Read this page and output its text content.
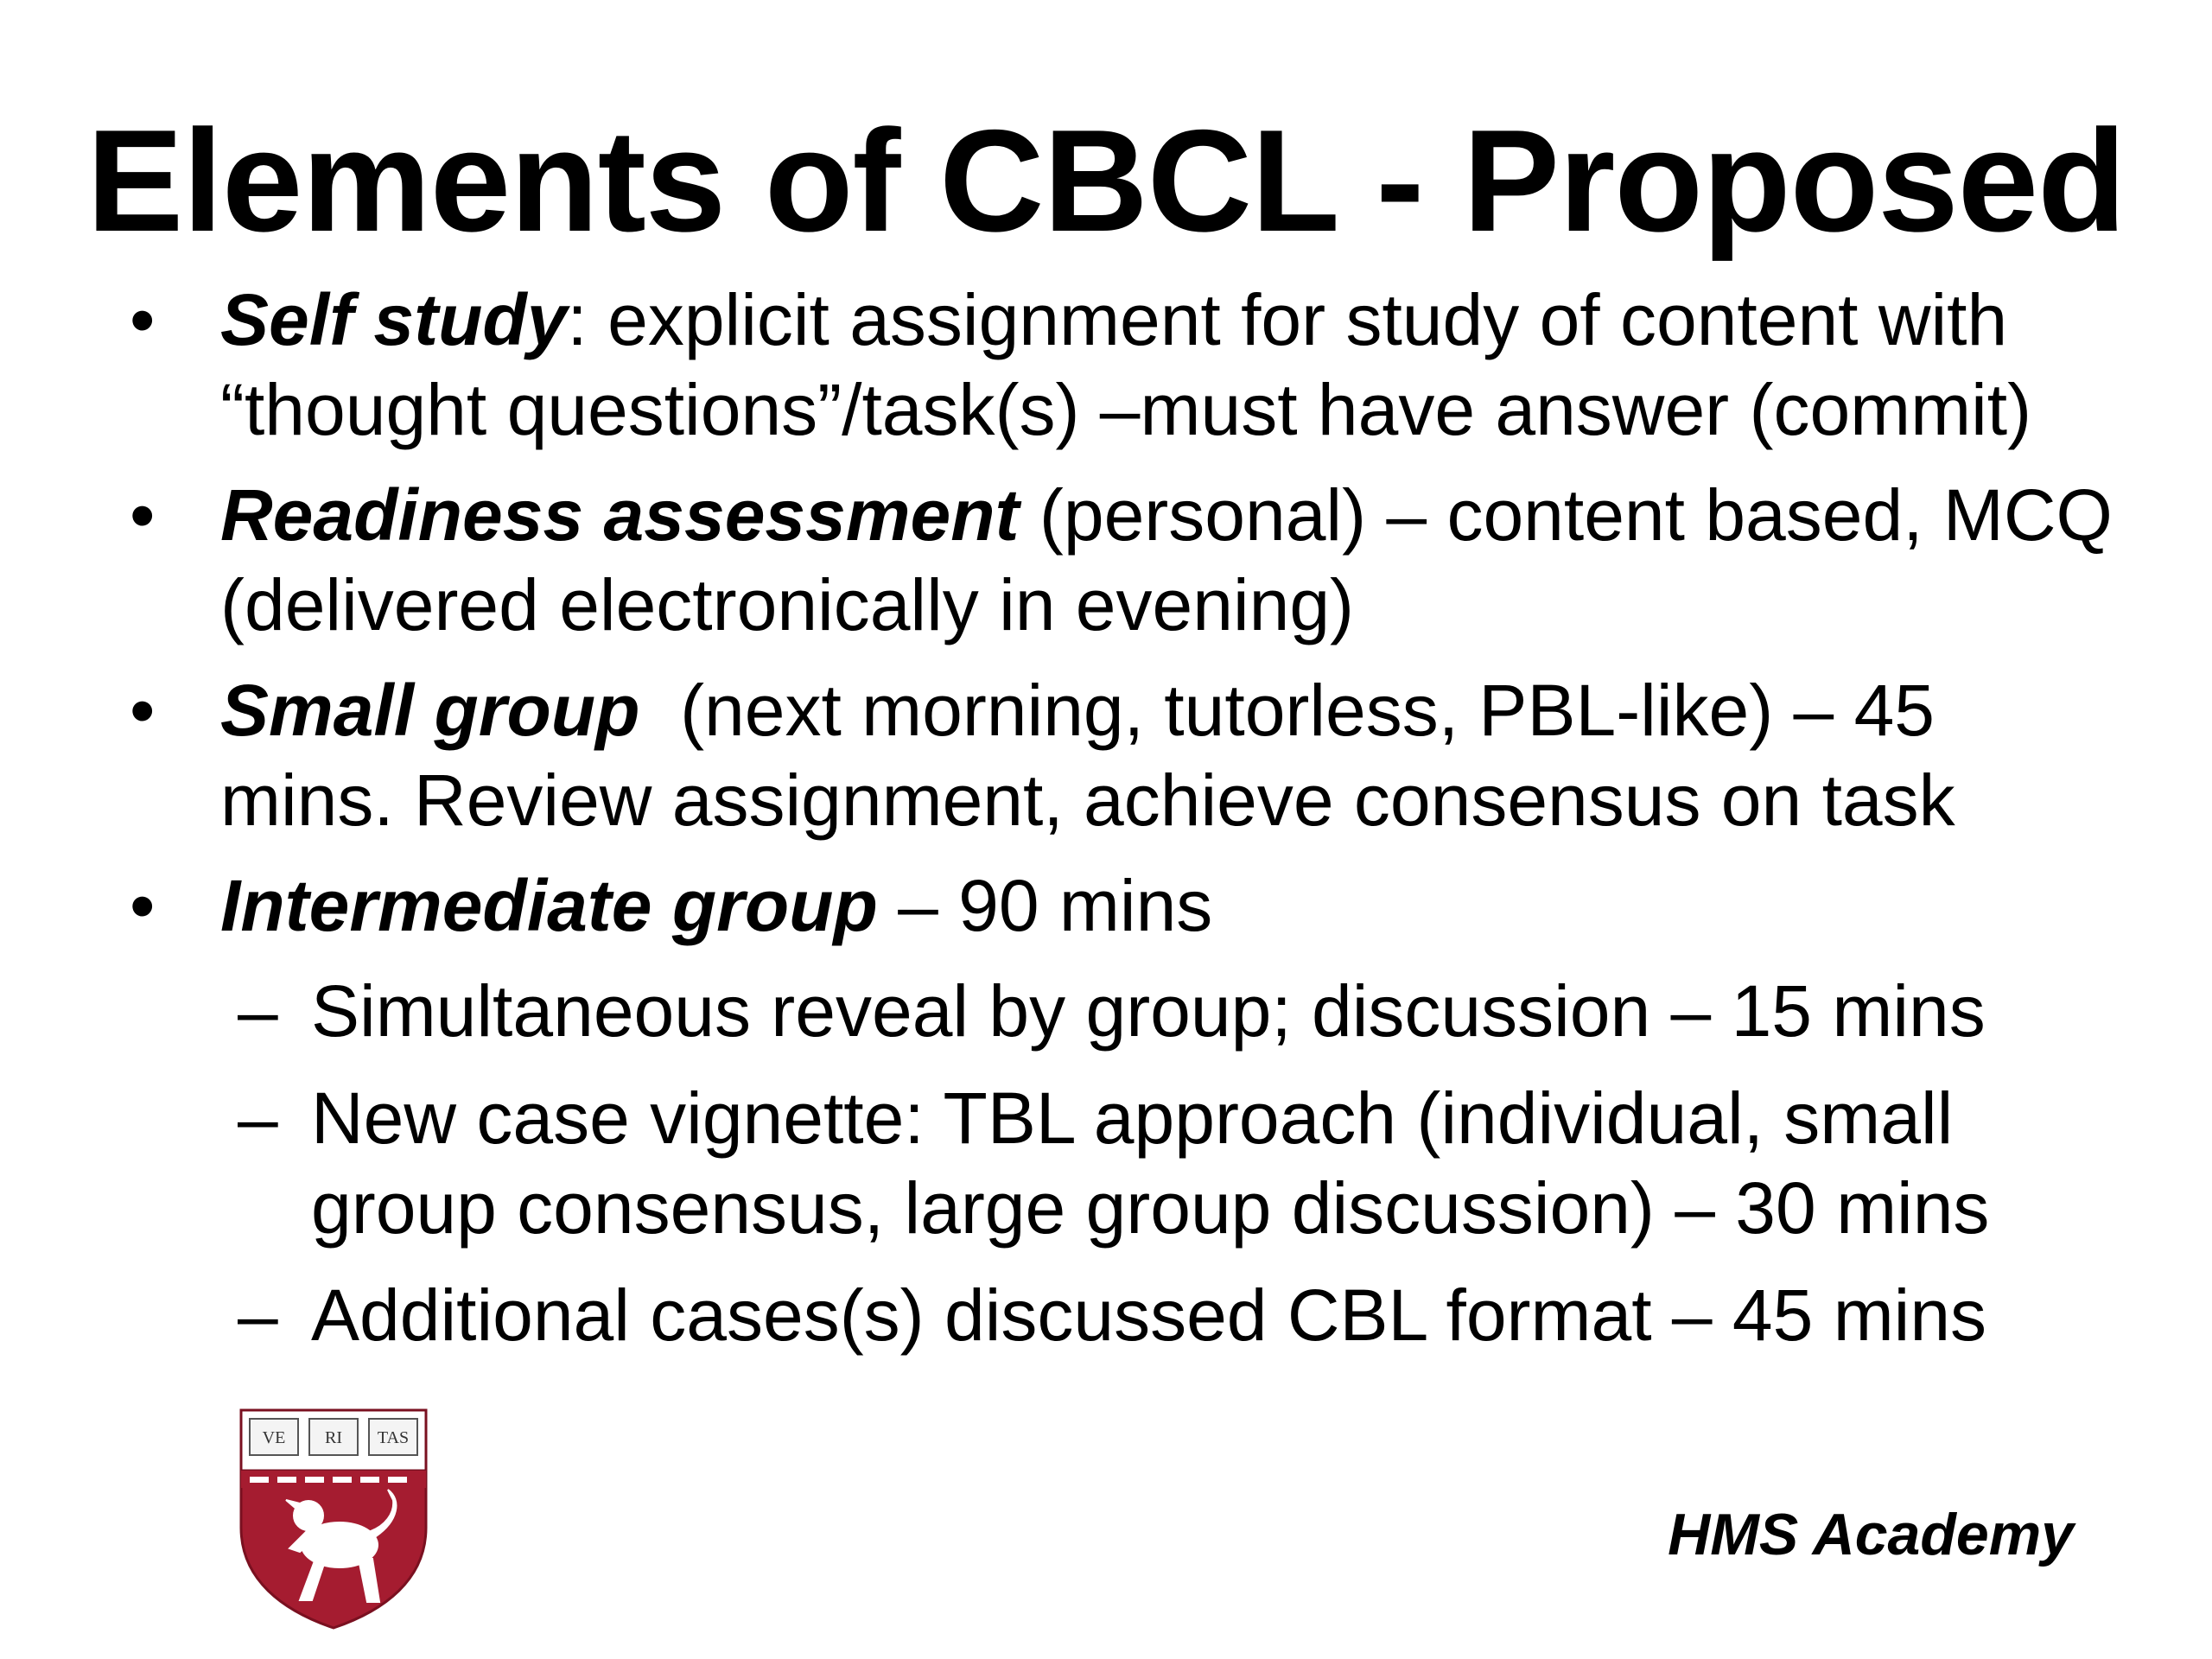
Elements of CBCL - Proposed
• Self study: explicit assignment for study of content with “thought questions”/task(s) –must have answer (commit)
• Readiness assessment (personal) – content based, MCQ (delivered electronically in evening)
• Small group  (next morning, tutorless, PBL-like) – 45 mins. Review assignment, achieve consensus on task
• Intermediate group – 90 mins
– Simultaneous reveal by group; discussion – 15 mins
– New case vignette: TBL approach (individual, small group consensus, large group discussion) – 30 mins
– Additional cases(s) discussed CBL format – 45 mins
VE RI TAS
HMS Academy
